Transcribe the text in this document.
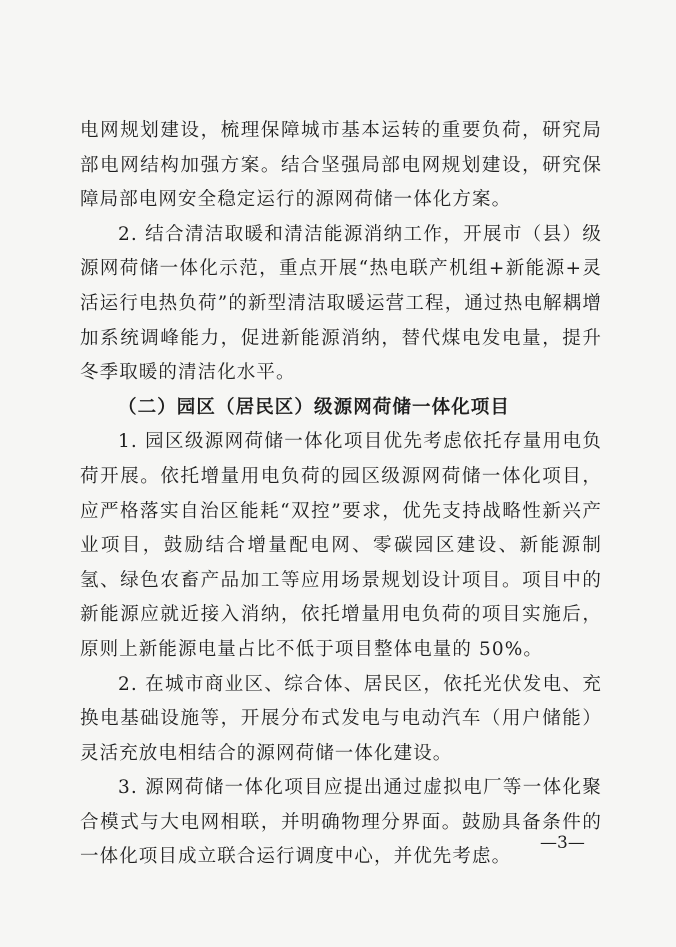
电网规划建设，梳理保障城市基本运转的重要负荷，研究局部电网结构加强方案。结合坚强局部电网规划建设，研究保障局部电网安全稳定运行的源网荷储一体化方案。

2. 结合清洁取暖和清洁能源消纳工作，开展市（县）级源网荷储一体化示范，重点开展“热电联产机组+新能源+灵活运行电热负荷”的新型清洁取暖运营工程，通过热电解耦增加系统调峰能力，促进新能源消纳，替代煤电发电量，提升冬季取暖的清洁化水平。

（二）园区（居民区）级源网荷储一体化项目

1. 园区级源网荷储一体化项目优先考虑依托存量用电负荷开展。依托增量用电负荷的园区级源网荷储一体化项目，应严格落实自治区能耗“双控”要求，优先支持战略性新兴产业项目，鼓励结合增量配电网、零碳园区建设、新能源制氢、绿色农畜产品加工等应用场景规划设计项目。项目中的新能源应就近接入消纳，依托增量用电负荷的项目实施后，原则上新能源电量占比不低于项目整体电量的 50%。

2. 在城市商业区、综合体、居民区，依托光伏发电、充换电基础设施等，开展分布式发电与电动汽车（用户储能）灵活充放电相结合的源网荷储一体化建设。

3. 源网荷储一体化项目应提出通过虚拟电厂等一体化聚合模式与大电网相联，并明确物理分界面。鼓励具备条件的一体化项目成立联合运行调度中心，并优先考虑。

—3—
